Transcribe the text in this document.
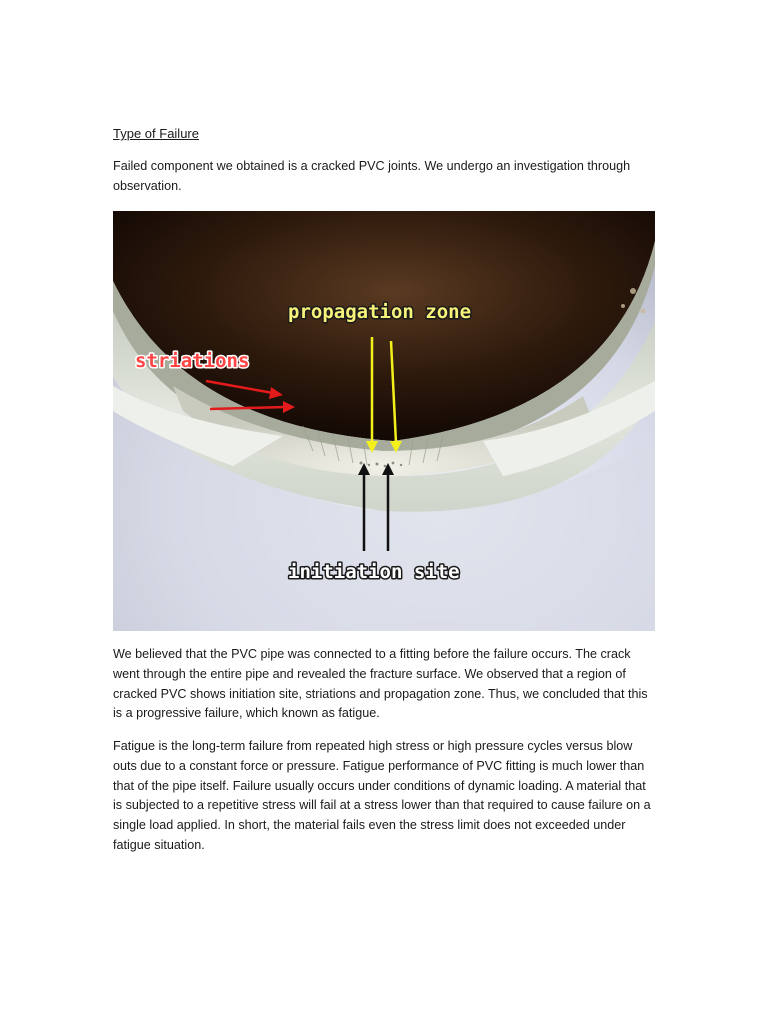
Type of Failure

Failed component we obtained is a cracked PVC joints. We undergo an investigation through observation.

propagation zone
striations
initiation site

We believed that the PVC pipe was connected to a fitting before the failure occurs. The crack went through the entire pipe and revealed the fracture surface. We observed that a region of cracked PVC shows initiation site, striations and propagation zone. Thus, we concluded that this is a progressive failure, which known as fatigue.

Fatigue is the long-term failure from repeated high stress or high pressure cycles versus blow outs due to a constant force or pressure. Fatigue performance of PVC fitting is much lower than that of the pipe itself. Failure usually occurs under conditions of dynamic loading. A material that is subjected to a repetitive stress will fail at a stress lower than that required to cause failure on a single load applied. In short, the material fails even the stress limit does not exceeded under fatigue situation.
